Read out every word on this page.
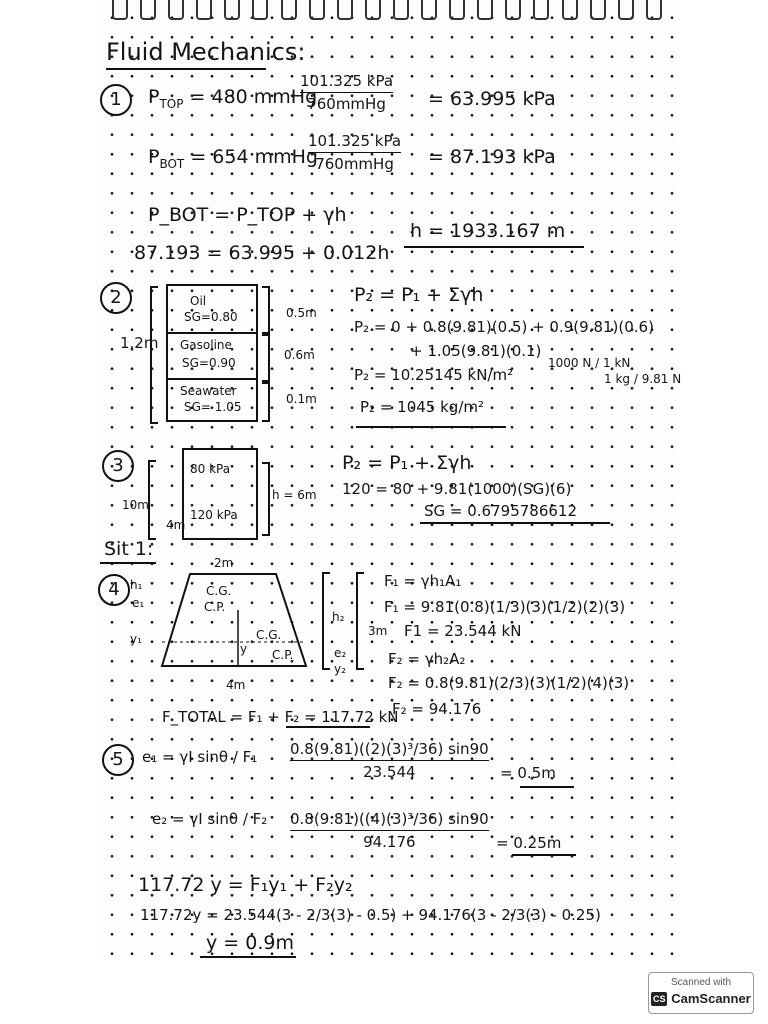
Fluid Mechanics:
1	$P_{TOP} = 480$ mmHg
$\frac{\text{101.325 kPa}}{\text{760mmHg}} = 63.995$ kPa
$P_{BOT} = 654$ mmHg
$\frac{\text{101.325 kPa}}{\text{760mmHg}} = 87.193$ kPa
P_BOT = P_TOP + γh
87.193 = 63.995 + 0.012h
h = 1933.167 m
2
1.2m
Oil
SG=0.80
Gasoline
SG=0.90
Seawater
SG= 1.05
0.5m
0.6m
0.1m
P₂ = P₁ + Σγh
P₂ = 0 + 0.8(9.81)(0.5) + 0.9(9.81)(0.6)
+ 1.05(9.81)(0.1)
P₂ = 10.25145 kN/m²
1000 N / 1 kN
1 kg / 9.81 N
P₂ = 1045 kg/m²
3
10m
4m
80 kPa
120 kPa
h = 6m
P₂ = P₁ + Σγh
120 = 80 + 9.81(1000)(SG)(6)
SG = 0.6795786612
Sit 1:
4
2m
h₁
e₁
y₁
C.G.
C.P.
C.G.
C.P.
y
4m
h₂
e₂
y₂
3m
F₁ = γh₁A₁
F₁ = 9.81(0.8)(1/3)(3)(1/2)(2)(3)
F1 = 23.544 kN
F₂ = γh₂A₂
F₂ = 0.8(9.81)(2/3)(3)(1/2)(4)(3)
F₂ = 94.176
F_TOTAL = F₁ + F₂ = 117.72 kN
5	e₁ = γI $\sin\theta / F_1 \frac{\text{0.8(9.81)((2)(3)³/36) sin90}}{23.544} = 0.5m$
e₂ = γI $\sin\theta / F_2 \frac{\text{0.8(9.81)((4)(3)³/36) sin90}}{94.176} = 0.25m$
117.72 y = F₁y₁ + F₂y₂
117.72y = 23.544(3 - 2/3(3) - 0.5) + 94.176(3 - 2/3(3) - 0.25)
y = 0.9m
Scanned with
CS CamScanner
